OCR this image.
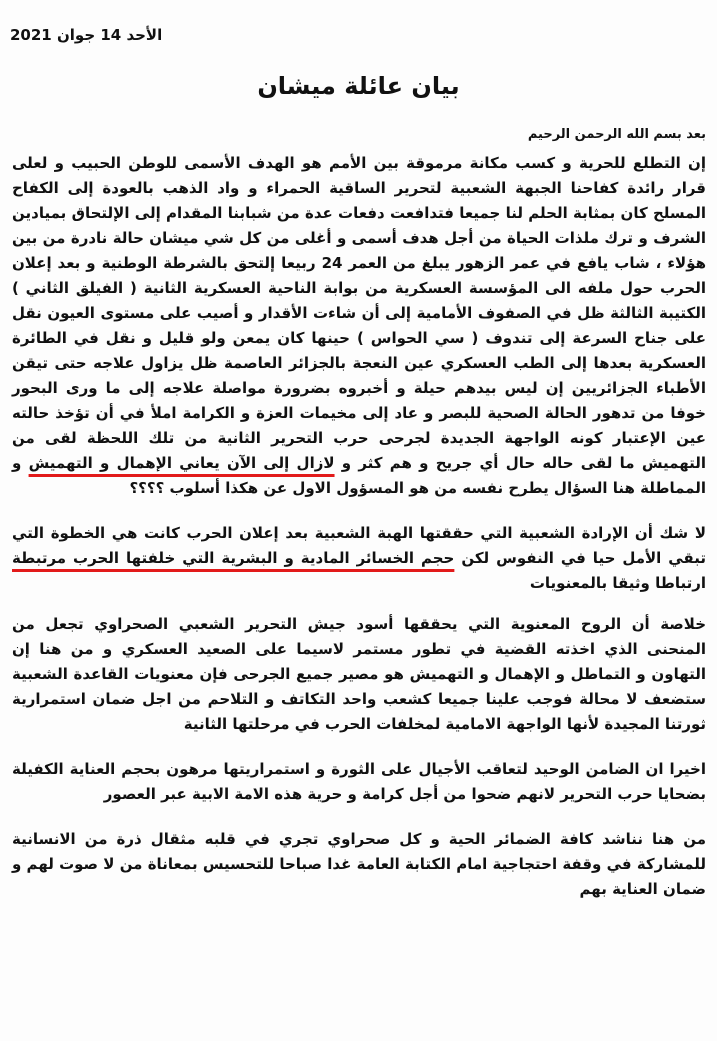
الأحد 14 جوان 2021
بيان عائلة ميشان
بعد بسم الله الرحمن الرحيم

إن التطلع للحرية و كسب مكانة مرموقة بين الأمم هو الهدف الأسمى للوطن الحبيب و لعلى قرار رائدة كفاحنا الجبهة الشعبية لتحرير الساقية الحمراء و واد الذهب بالعودة إلى الكفاح المسلح كان بمثابة الحلم لنا جميعا فتدافعت دفعات عدة من شبابنا المقدام إلى الإلتحاق بميادين الشرف و ترك ملذات الحياة من أجل هدف أسمى و أغلى من كل شي ميشان حالة نادرة من بين هؤلاء ، شاب يافع في عمر الزهور يبلغ من العمر 24 ربيعا إلتحق بالشرطة الوطنية و بعد إعلان الحرب حول ملفه الى المؤسسة العسكرية من بوابة الناحية العسكرية الثانية ( الفيلق الثاني ) الكتيبة الثالثة ظل في الصفوف الأمامية إلى أن شاءت الأقدار و أصيب على مستوى العيون نقل على جناح السرعة إلى تندوف ( سي الحواس ) حينها كان يمعن ولو قليل و نقل في الطائرة العسكرية بعدها إلى الطب العسكري عين النعجة بالجزائر العاصمة ظل يزاول علاجه حتى تيقن الأطباء الجزائريين إن ليس بيدهم حيلة و أخبروه بضرورة مواصلة علاجه إلى ما ورى البحور خوفا من تدهور الحالة الصحية للبصر و عاد إلى مخيمات العزة و الكرامة املأ في أن تؤخذ حالته عين الإعتبار كونه الواجهة الجديدة لجرحى حرب التحرير الثانية من تلك اللحظة لقى من التهميش ما لقى حاله حال أي جريح و هم كثر و لازال إلى الآن يعاني الإهمال و التهميش و المماطلة هنا السؤال يطرح نفسه من هو المسؤول الاول عن هكذا أسلوب ؟؟؟؟

لا شك أن الإرادة الشعبية التي حققتها الهبة الشعبية بعد إعلان الحرب كانت هي الخطوة التي تبقي الأمل حيا في النفوس لكن حجم الخسائر المادية و البشرية التي خلفتها الحرب مرتبطة ارتباطا وثيقا بالمعنويات

خلاصة أن الروح المعنوية التي يحققها أسود جيش التحرير الشعبي الصحراوي تجعل من المنحنى الذي اخذته القضية في تطور مستمر لاسيما على الصعيد العسكري و من هنا إن التهاون و التماطل و الإهمال و التهميش هو مصير جميع الجرحى فإن معنويات القاعدة الشعبية ستضعف لا محالة فوجب علينا جميعا كشعب واحد التكاتف و التلاحم من اجل ضمان استمرارية ثورتنا المجيدة لأنها الواجهة الامامية لمخلفات الحرب في مرحلتها الثانية

اخيرا ان الضامن الوحيد لتعاقب الأجيال على الثورة و استمراريتها مرهون بحجم العناية الكفيلة بضحايا حرب التحرير لانهم ضحوا من أجل كرامة و حرية هذه الامة الابية عبر العصور

من هنا نناشد كافة الضمائر الحية و كل صحراوي تجري في قلبه مثقال ذرة من الانسانية للمشاركة في وقفة احتجاجية امام الكتابة العامة غدا صباحا للتحسيس بمعاناة من لا صوت لهم و ضمان العناية بهم
